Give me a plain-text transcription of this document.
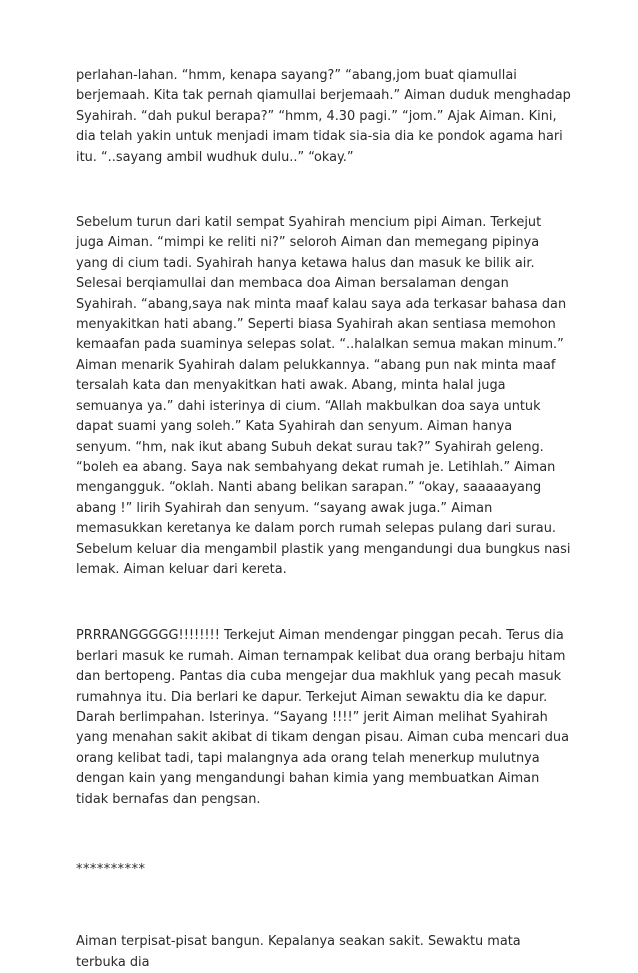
perlahan-lahan. “hmm, kenapa sayang?” “abang,jom buat qiamullai berjemaah. Kita tak pernah qiamullai berjemaah.” Aiman duduk menghadap Syahirah. “dah pukul berapa?” “hmm, 4.30 pagi.” “jom.” Ajak Aiman. Kini, dia telah yakin untuk menjadi imam tidak sia-sia dia ke pondok agama hari itu. “..sayang ambil wudhuk dulu..” “okay.”

Sebelum turun dari katil sempat Syahirah mencium pipi Aiman. Terkejut juga Aiman. “mimpi ke reliti ni?” seloroh Aiman dan memegang pipinya yang di cium tadi. Syahirah hanya ketawa halus dan masuk ke bilik air. Selesai berqiamullai dan membaca doa Aiman bersalaman dengan Syahirah. “abang,saya nak minta maaf kalau saya ada terkasar bahasa dan menyakitkan hati abang.” Seperti biasa Syahirah akan sentiasa memohon kemaafan pada suaminya selepas solat. “..halalkan semua makan minum.” Aiman menarik Syahirah dalam pelukkannya. “abang pun nak minta maaf tersalah kata dan menyakitkan hati awak. Abang, minta halal juga semuanya ya.” dahi isterinya di cium. “Allah makbulkan doa saya untuk dapat suami yang soleh.” Kata Syahirah dan senyum. Aiman hanya senyum. “hm, nak ikut abang Subuh dekat surau tak?” Syahirah geleng. “boleh ea abang. Saya nak sembahyang dekat rumah je. Letihlah.” Aiman mengangguk. “oklah. Nanti abang belikan sarapan.” “okay, saaaaayang abang !” lirih Syahirah dan senyum. “sayang awak juga.” Aiman memasukkan keretanya ke dalam porch rumah selepas pulang dari surau. Sebelum keluar dia mengambil plastik yang mengandungi dua bungkus nasi lemak. Aiman keluar dari kereta.

PRRRANGGGGG!!!!!!!! Terkejut Aiman mendengar pinggan pecah. Terus dia berlari masuk ke rumah. Aiman ternampak kelibat dua orang berbaju hitam dan bertopeng. Pantas dia cuba mengejar dua makhluk yang pecah masuk rumahnya itu. Dia berlari ke dapur. Terkejut Aiman sewaktu dia ke dapur. Darah berlimpahan. Isterinya. “Sayang !!!!” jerit Aiman melihat Syahirah yang menahan sakit akibat di tikam dengan pisau. Aiman cuba mencari dua orang kelibat tadi, tapi malangnya ada orang telah menerkup mulutnya dengan kain yang mengandungi bahan kimia yang membuatkan Aiman tidak bernafas dan pengsan.

**********

Aiman terpisat-pisat bangun. Kepalanya seakan sakit. Sewaktu mata terbuka dia
